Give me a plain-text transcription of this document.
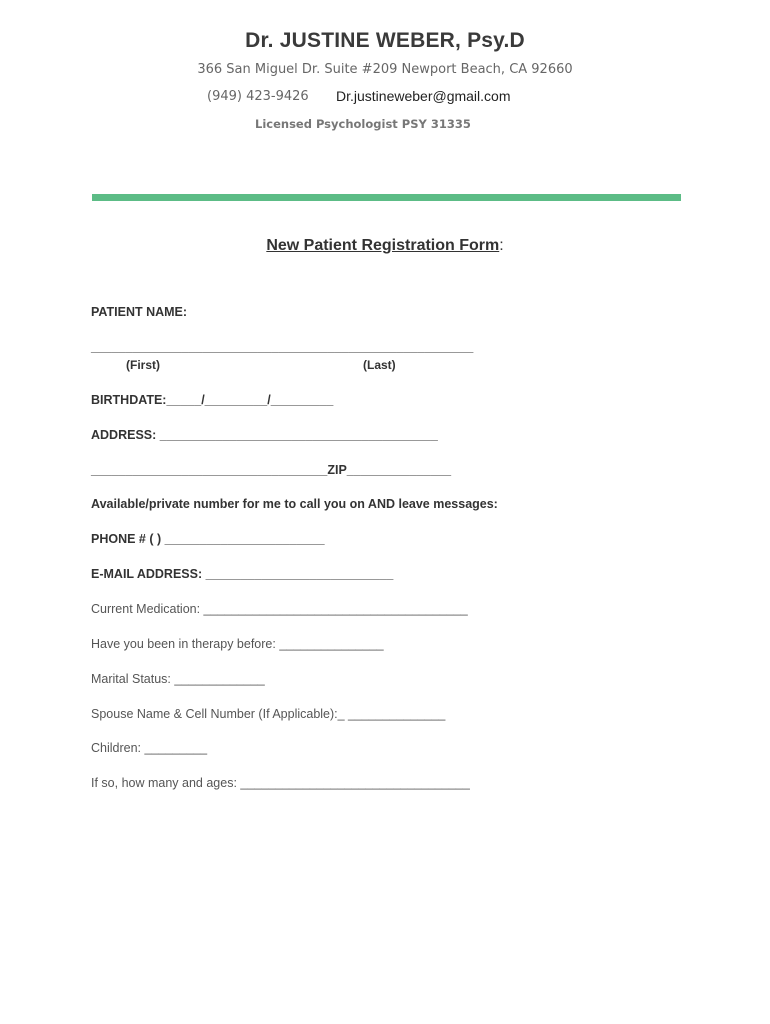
Dr. JUSTINE WEBER, Psy.D
366 San Miguel Dr. Suite #209 Newport Beach, CA 92660
(949) 423-9426 Dr.justineweber@gmail.com
Licensed Psychologist PSY 31335
New Patient Registration Form:
PATIENT NAME:
_______________________________________________________
(First)	(Last)
BIRTHDATE:_____/_________/_________
ADDRESS: ________________________________________
__________________________________ZIP_______________
Available/private number for me to call you on AND leave messages:
PHONE # ( ) _______________________
E-MAIL ADDRESS: ___________________________
Current Medication: ______________________________________
Have you been in therapy before: _______________
Marital Status: _____________
Spouse Name & Cell Number (If Applicable):_ ______________
Children: _________
If so, how many and ages: _________________________________
